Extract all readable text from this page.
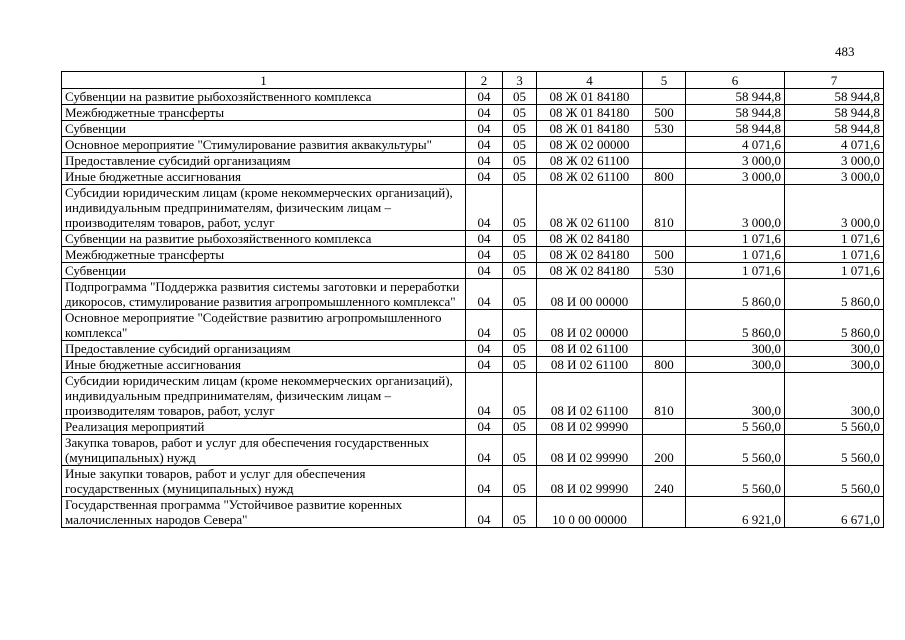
483
1	2	3	4	5	6	7
Субвенции на развитие рыбохозяйственного комплекса	04	05	08 Ж 01 84180		58 944,8	58 944,8
Межбюджетные трансферты	04	05	08 Ж 01 84180	500	58 944,8	58 944,8
Субвенции	04	05	08 Ж 01 84180	530	58 944,8	58 944,8
Основное мероприятие "Стимулирование развития аквакультуры"	04	05	08 Ж 02 00000		4 071,6	4 071,6
Предоставление субсидий организациям	04	05	08 Ж 02 61100		3 000,0	3 000,0
Иные бюджетные ассигнования	04	05	08 Ж 02 61100	800	3 000,0	3 000,0
Субсидии юридическим лицам (кроме некоммерческих организаций), индивидуальным предпринимателям, физическим лицам – производителям товаров, работ, услуг	04	05	08 Ж 02 61100	810	3 000,0	3 000,0
Субвенции на развитие рыбохозяйственного комплекса	04	05	08 Ж 02 84180		1 071,6	1 071,6
Межбюджетные трансферты	04	05	08 Ж 02 84180	500	1 071,6	1 071,6
Субвенции	04	05	08 Ж 02 84180	530	1 071,6	1 071,6
Подпрограмма "Поддержка развития системы заготовки и переработки дикоросов, стимулирование развития агропромышленного комплекса"	04	05	08 И 00 00000		5 860,0	5 860,0
Основное мероприятие "Содействие развитию агропромышленного комплекса"	04	05	08 И 02 00000		5 860,0	5 860,0
Предоставление субсидий организациям	04	05	08 И 02 61100		300,0	300,0
Иные бюджетные ассигнования	04	05	08 И 02 61100	800	300,0	300,0
Субсидии юридическим лицам (кроме некоммерческих организаций), индивидуальным предпринимателям, физическим лицам – производителям товаров, работ, услуг	04	05	08 И 02 61100	810	300,0	300,0
Реализация мероприятий	04	05	08 И 02 99990		5 560,0	5 560,0
Закупка товаров, работ и услуг для обеспечения государственных (муниципальных) нужд	04	05	08 И 02 99990	200	5 560,0	5 560,0
Иные закупки товаров, работ и услуг для обеспечения государственных (муниципальных) нужд	04	05	08 И 02 99990	240	5 560,0	5 560,0
Государственная программа "Устойчивое развитие коренных малочисленных народов Севера"	04	05	10 0 00 00000		6 921,0	6 671,0
